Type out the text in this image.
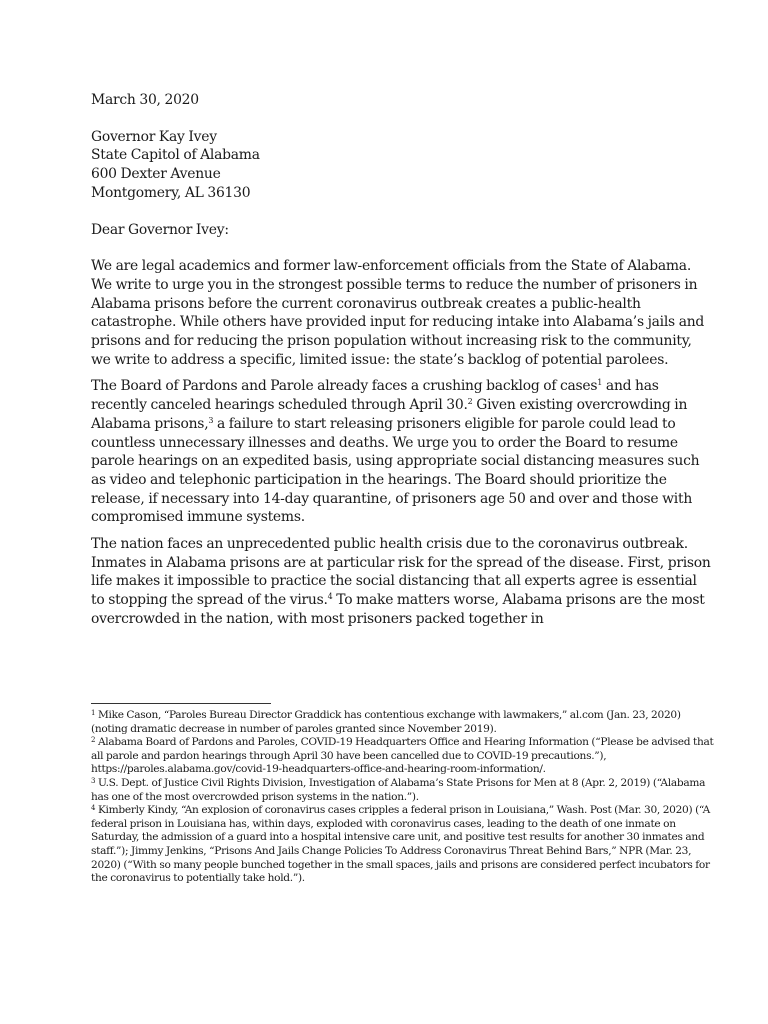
March 30, 2020

Governor Kay Ivey
State Capitol of Alabama
600 Dexter Avenue
Montgomery, AL 36130

Dear Governor Ivey:

We are legal academics and former law-enforcement officials from the State of Alabama. We write to urge you in the strongest possible terms to reduce the number of prisoners in Alabama prisons before the current coronavirus outbreak creates a public-health catastrophe. While others have provided input for reducing intake into Alabama’s jails and prisons and for reducing the prison population without increasing risk to the community, we write to address a specific, limited issue: the state’s backlog of potential parolees.

The Board of Pardons and Parole already faces a crushing backlog of cases$^1$ and has recently canceled hearings scheduled through April 30.$^2$ Given existing overcrowding in Alabama prisons,$^3$ a failure to start releasing prisoners eligible for parole could lead to countless unnecessary illnesses and deaths. We urge you to order the Board to resume parole hearings on an expedited basis, using appropriate social distancing measures such as video and telephonic participation in the hearings. The Board should prioritize the release, if necessary into 14-day quarantine, of prisoners age 50 and over and those with compromised immune systems.

The nation faces an unprecedented public health crisis due to the coronavirus outbreak. Inmates in Alabama prisons are at particular risk for the spread of the disease. First, prison life makes it impossible to practice the social distancing that all experts agree is essential to stopping the spread of the virus.$^4$ To make matters worse, Alabama prisons are the most overcrowded in the nation, with most prisoners packed together in

$^1$ Mike Cason, “Paroles Bureau Director Graddick has contentious exchange with lawmakers,” al.com (Jan. 23, 2020) (noting dramatic decrease in number of paroles granted since November 2019).

$^2$ Alabama Board of Pardons and Paroles, COVID-19 Headquarters Office and Hearing Information (“Please be advised that all parole and pardon hearings through April 30 have been cancelled due to COVID-19 precautions.”), https://paroles.alabama.gov/covid-19-headquarters-office-and-hearing-room-information/.

$^3$ U.S. Dept. of Justice Civil Rights Division, Investigation of Alabama’s State Prisons for Men at 8 (Apr. 2, 2019) (“Alabama has one of the most overcrowded prison systems in the nation.”).

$^4$ Kimberly Kindy, “An explosion of coronavirus cases cripples a federal prison in Louisiana,” Wash. Post (Mar. 30, 2020) (“A federal prison in Louisiana has, within days, exploded with coronavirus cases, leading to the death of one inmate on Saturday, the admission of a guard into a hospital intensive care unit, and positive test results for another 30 inmates and staff.”); Jimmy Jenkins, “Prisons And Jails Change Policies To Address Coronavirus Threat Behind Bars,” NPR (Mar. 23, 2020) (“With so many people bunched together in the small spaces, jails and prisons are considered perfect incubators for the coronavirus to potentially take hold.”).
